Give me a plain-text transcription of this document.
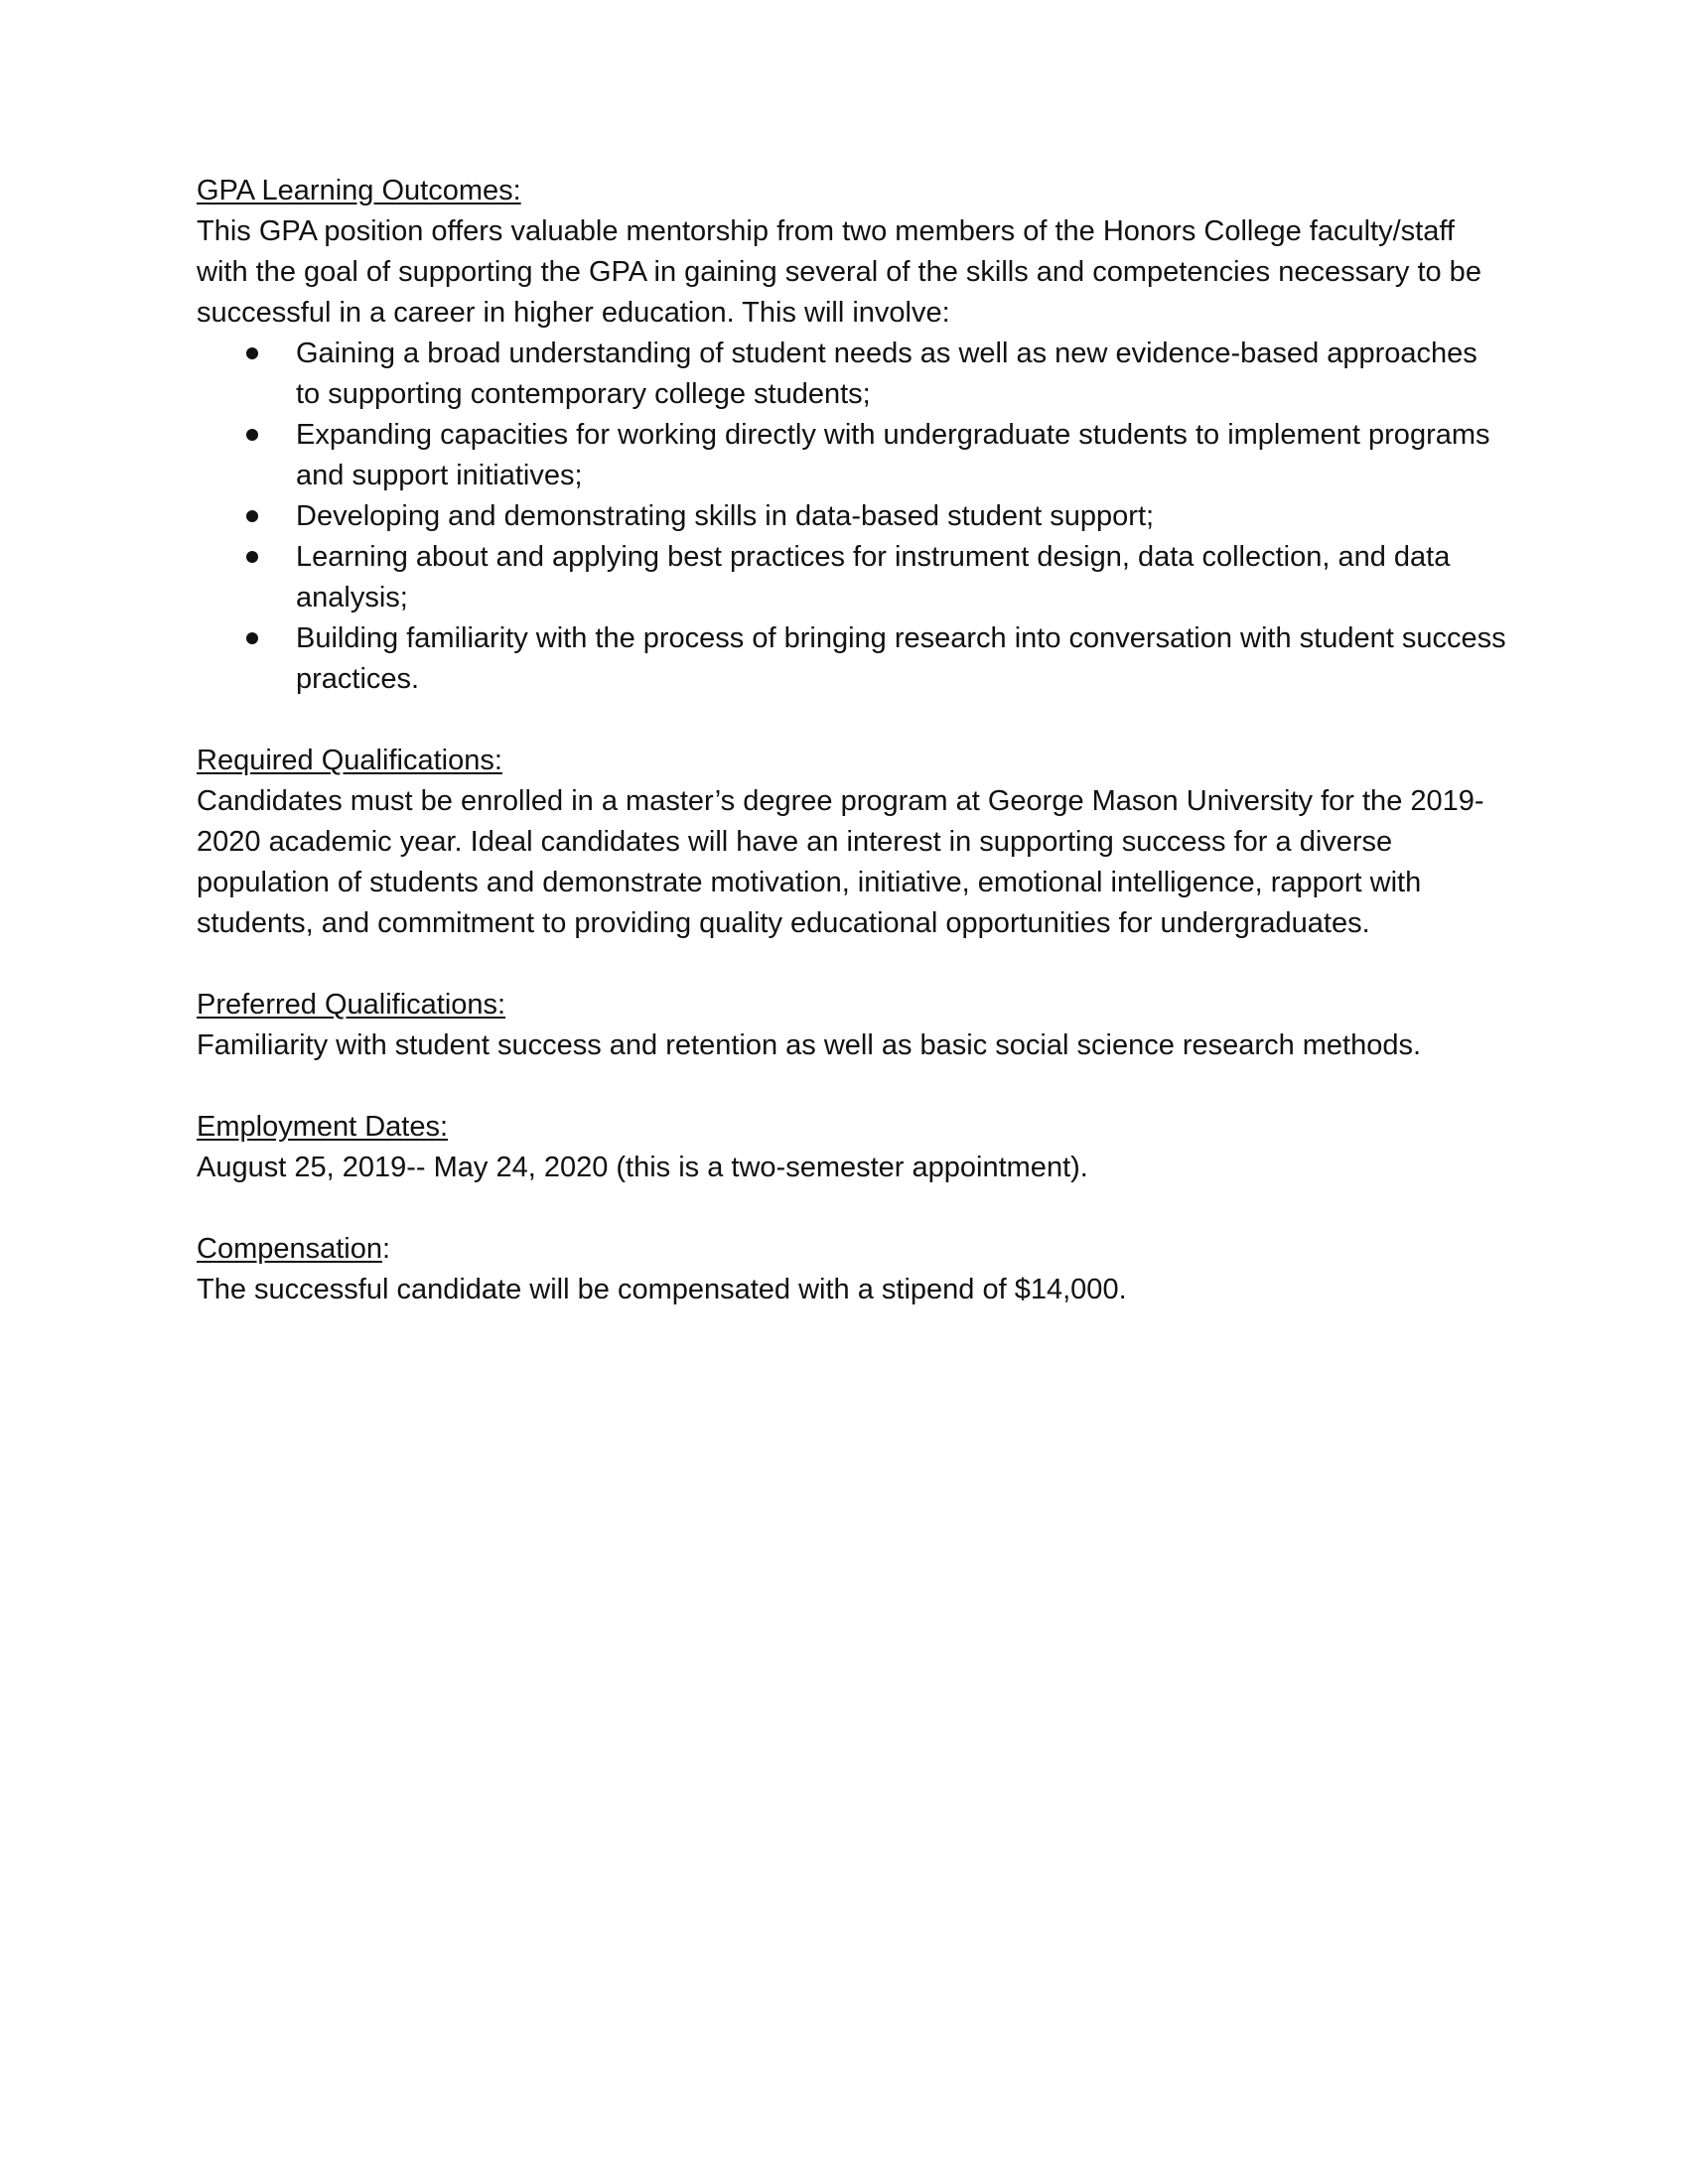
GPA Learning Outcomes:
This GPA position offers valuable mentorship from two members of the Honors College faculty/staff with the goal of supporting the GPA in gaining several of the skills and competencies necessary to be successful in a career in higher education. This will involve:
Gaining a broad understanding of student needs as well as new evidence-based approaches to supporting contemporary college students;
Expanding capacities for working directly with undergraduate students to implement programs and support initiatives;
Developing and demonstrating skills in data-based student support;
Learning about and applying best practices for instrument design, data collection, and data analysis;
Building familiarity with the process of bringing research into conversation with student success practices.
Required Qualifications:
Candidates must be enrolled in a master’s degree program at George Mason University for the 2019-2020 academic year. Ideal candidates will have an interest in supporting success for a diverse population of students and demonstrate motivation, initiative, emotional intelligence, rapport with students, and commitment to providing quality educational opportunities for undergraduates.
Preferred Qualifications:
Familiarity with student success and retention as well as basic social science research methods.
Employment Dates:
August 25, 2019-- May 24, 2020 (this is a two-semester appointment).
Compensation:
The successful candidate will be compensated with a stipend of $14,000.
